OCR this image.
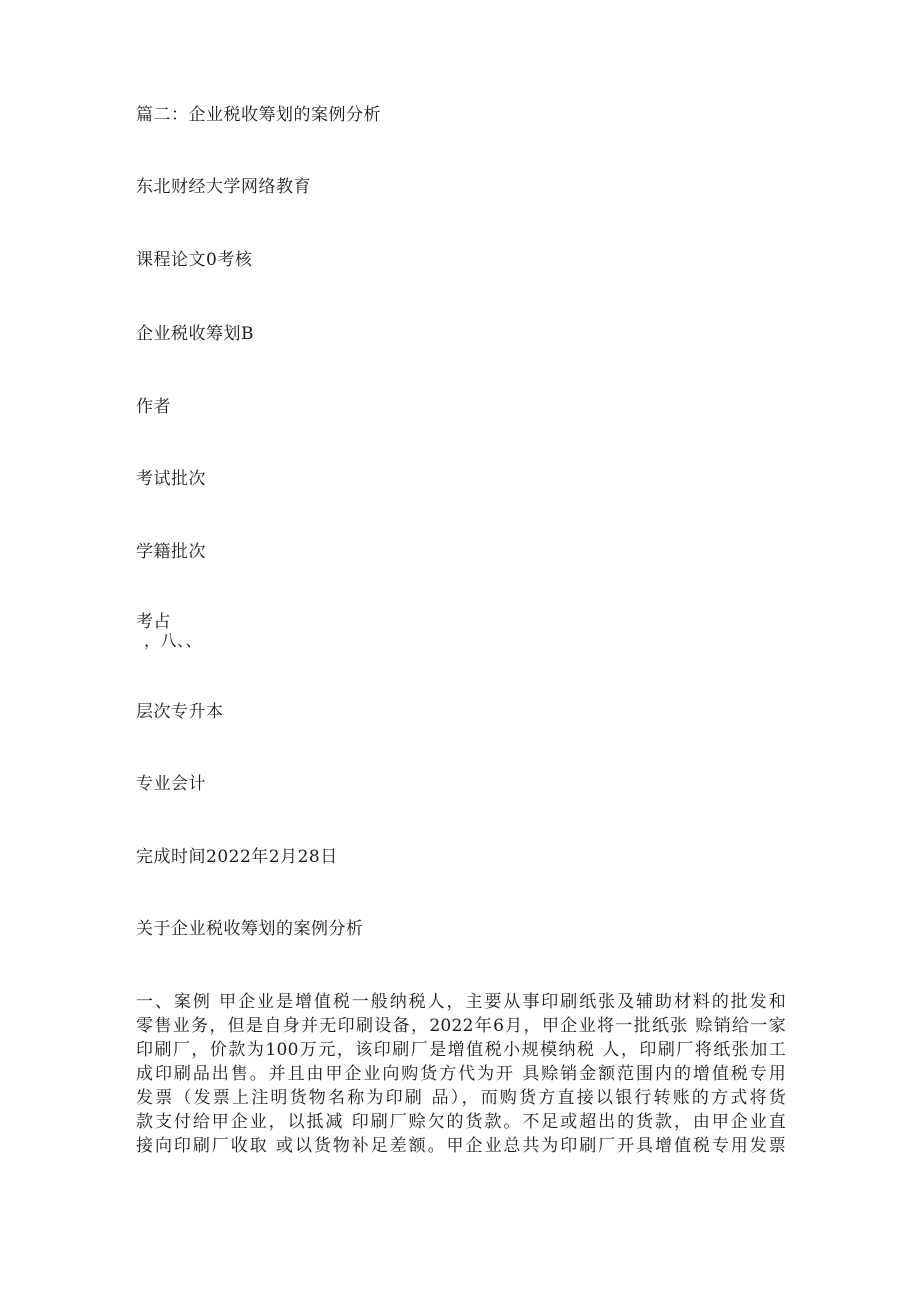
篇二：企业税收筹划的案例分析
东北财经大学网络教育
课程论文0考核
企业税收筹划B
作者
考试批次
学籍批次
考占
，八、、
层次专升本
专业会计
完成时间2022年2月28日
关于企业税收筹划的案例分析
一、案例 甲企业是增值税一般纳税人，主要从事印刷纸张及辅助材料的批发和
零售业务，但是自身并无印刷设备，2022年6月，甲企业将一批纸张 赊销给一家
印刷厂，价款为100万元，该印刷厂是增值税小规模纳税 人，印刷厂将纸张加工
成印刷品出售。并且由甲企业向购货方代为开 具赊销金额范围内的增值税专用
发票（发票上注明货物名称为印刷 品），而购货方直接以银行转账的方式将货
款支付给甲企业，以抵减 印刷厂赊欠的货款。不足或超出的货款，由甲企业直
接向印刷厂收取 或以货物补足差额。甲企业总共为印刷厂开具增值税专用发票
